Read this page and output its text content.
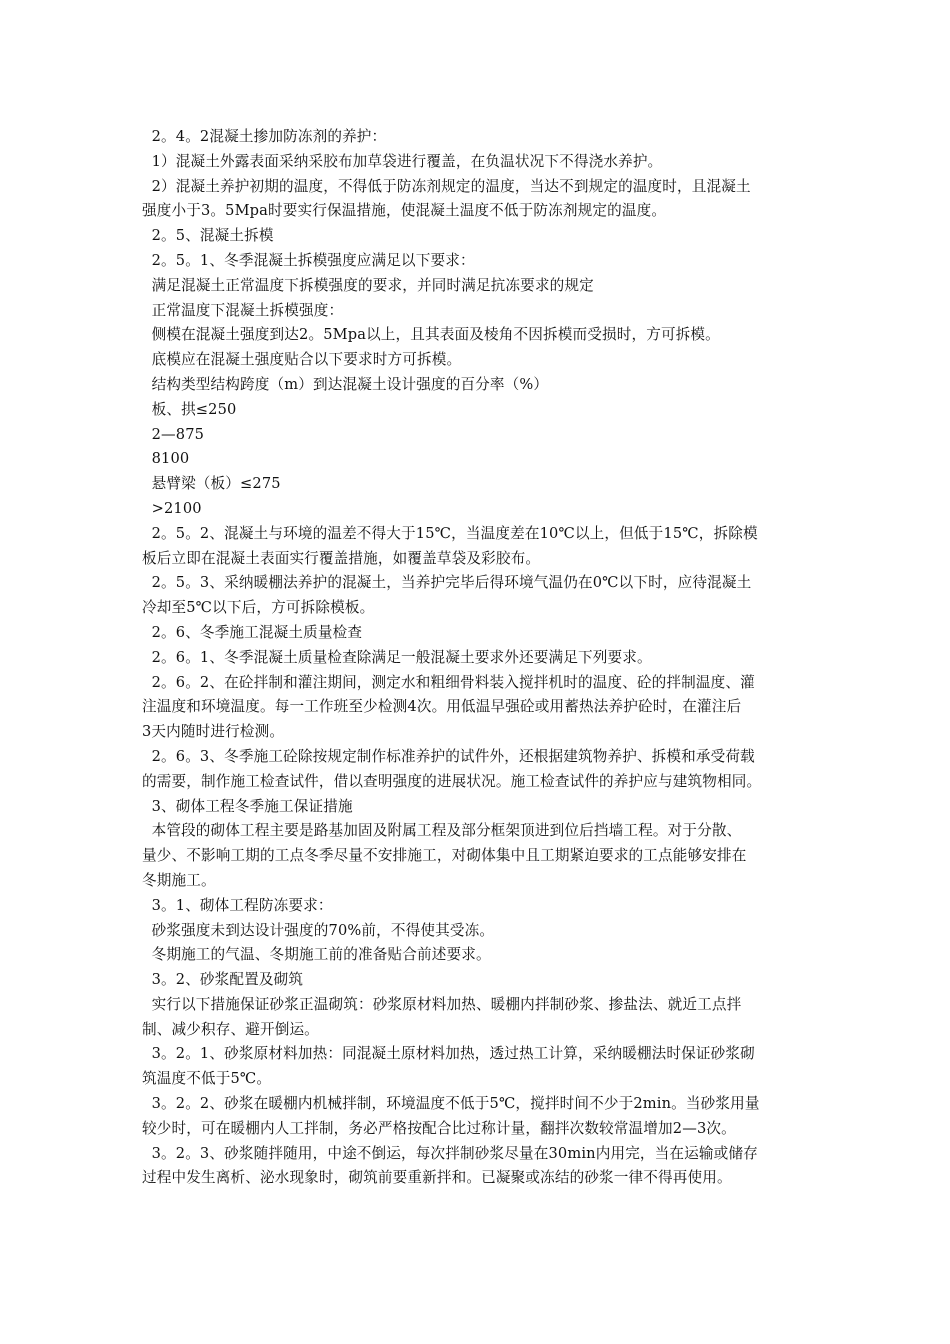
2。4。2混凝土掺加防冻剂的养护：
1）混凝土外露表面采纳采胶布加草袋进行覆盖，在负温状况下不得浇水养护。
2）混凝土养护初期的温度，不得低于防冻剂规定的温度，当达不到规定的温度时，且混凝土
强度小于3。5Mpa时要实行保温措施，使混凝土温度不低于防冻剂规定的温度。
2。5、混凝土拆模
2。5。1、冬季混凝土拆模强度应满足以下要求：
满足混凝土正常温度下拆模强度的要求，并同时满足抗冻要求的规定
正常温度下混凝土拆模强度：
侧模在混凝土强度到达2。5Mpa以上，且其表面及棱角不因拆模而受损时，方可拆模。
底模应在混凝土强度贴合以下要求时方可拆模。
结构类型结构跨度（m）到达混凝土设计强度的百分率（%）
板、拱≤250
2—875
8100
悬臂梁（板）≤275
>2100
2。5。2、混凝土与环境的温差不得大于15℃，当温度差在10℃以上，但低于15℃，拆除模
板后立即在混凝土表面实行覆盖措施，如覆盖草袋及彩胶布。
2。5。3、采纳暖棚法养护的混凝土，当养护完毕后得环境气温仍在0℃以下时，应待混凝土
冷却至5℃以下后，方可拆除模板。
2。6、冬季施工混凝土质量检查
2。6。1、冬季混凝土质量检查除满足一般混凝土要求外还要满足下列要求。
2。6。2、在砼拌制和灌注期间，测定水和粗细骨料装入搅拌机时的温度、砼的拌制温度、灌
注温度和环境温度。每一工作班至少检测4次。用低温早强砼或用蓄热法养护砼时，在灌注后
3天内随时进行检测。
2。6。3、冬季施工砼除按规定制作标准养护的试件外，还根据建筑物养护、拆模和承受荷载
的需要，制作施工检查试件，借以查明强度的进展状况。施工检查试件的养护应与建筑物相同。
3、砌体工程冬季施工保证措施
本管段的砌体工程主要是路基加固及附属工程及部分框架顶进到位后挡墙工程。对于分散、
量少、不影响工期的工点冬季尽量不安排施工，对砌体集中且工期紧迫要求的工点能够安排在
冬期施工。
3。1、砌体工程防冻要求：
砂浆强度未到达设计强度的70%前，不得使其受冻。
冬期施工的气温、冬期施工前的准备贴合前述要求。
3。2、砂浆配置及砌筑
实行以下措施保证砂浆正温砌筑：砂浆原材料加热、暖棚内拌制砂浆、掺盐法、就近工点拌
制、减少积存、避开倒运。
3。2。1、砂浆原材料加热：同混凝土原材料加热，透过热工计算，采纳暖棚法时保证砂浆砌
筑温度不低于5℃。
3。2。2、砂浆在暖棚内机械拌制，环境温度不低于5℃，搅拌时间不少于2min。当砂浆用量
较少时，可在暖棚内人工拌制，务必严格按配合比过称计量，翻拌次数较常温增加2—3次。
3。2。3、砂浆随拌随用，中途不倒运，每次拌制砂浆尽量在30min内用完，当在运输或储存
过程中发生离析、泌水现象时，砌筑前要重新拌和。已凝聚或冻结的砂浆一律不得再使用。
